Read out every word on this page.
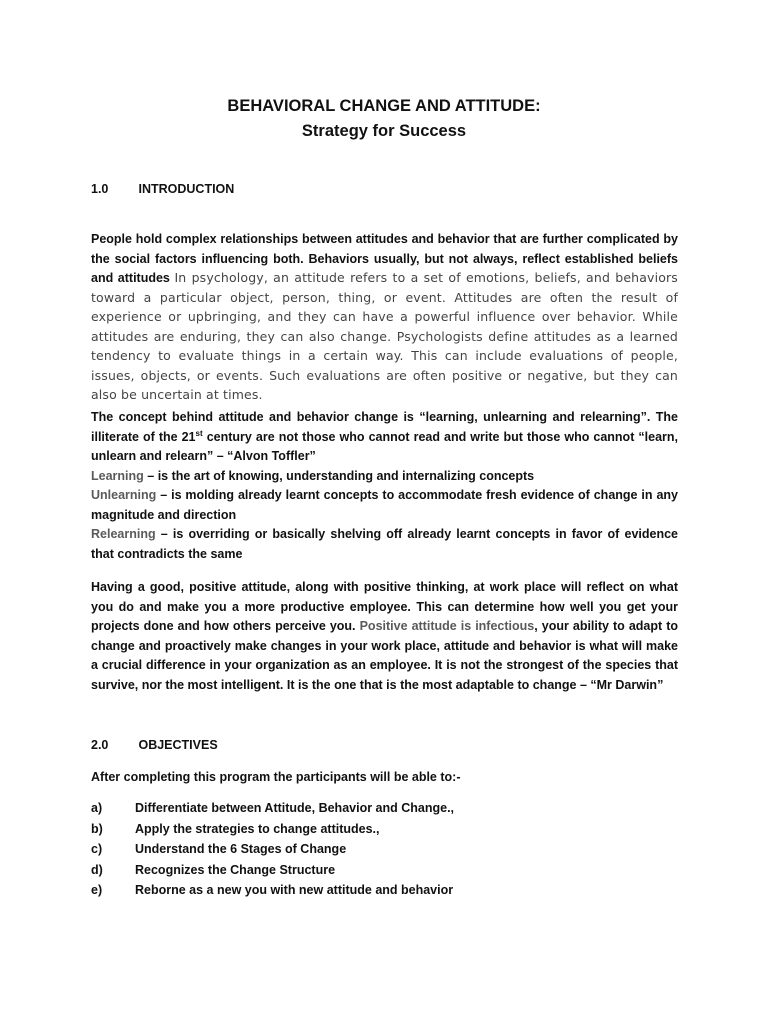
BEHAVIORAL CHANGE AND ATTITUDE:
Strategy for Success
1.0 INTRODUCTION
People hold complex relationships between attitudes and behavior that are further complicated by the social factors influencing both. Behaviors usually, but not always, reflect established beliefs and attitudes In psychology, an attitude refers to a set of emotions, beliefs, and behaviors toward a particular object, person, thing, or event. Attitudes are often the result of experience or upbringing, and they can have a powerful influence over behavior. While attitudes are enduring, they can also change. Psychologists define attitudes as a learned tendency to evaluate things in a certain way. This can include evaluations of people, issues, objects, or events. Such evaluations are often positive or negative, but they can also be uncertain at times.
The concept behind attitude and behavior change is “learning, unlearning and relearning”. The illiterate of the 21st century are not those who cannot read and write but those who cannot “learn, unlearn and relearn” – “Alvon Toffler”
Learning – is the art of knowing, understanding and internalizing concepts
Unlearning – is molding already learnt concepts to accommodate fresh evidence of change in any magnitude and direction
Relearning – is overriding or basically shelving off already learnt concepts in favor of evidence that contradicts the same
Having a good, positive attitude, along with positive thinking, at work place will reflect on what you do and make you a more productive employee. This can determine how well you get your projects done and how others perceive you. Positive attitude is infectious, your ability to adapt to change and proactively make changes in your work place, attitude and behavior is what will make a crucial difference in your organization as an employee. It is not the strongest of the species that survive, nor the most intelligent. It is the one that is the most adaptable to change – “Mr Darwin”
2.0 OBJECTIVES
After completing this program the participants will be able to:-
a)	Differentiate between Attitude, Behavior and Change.,
b)	Apply the strategies to change attitudes.,
c)	Understand the 6 Stages of Change
d)	Recognizes the Change Structure
e)	Reborne as a new you with new attitude and behavior
